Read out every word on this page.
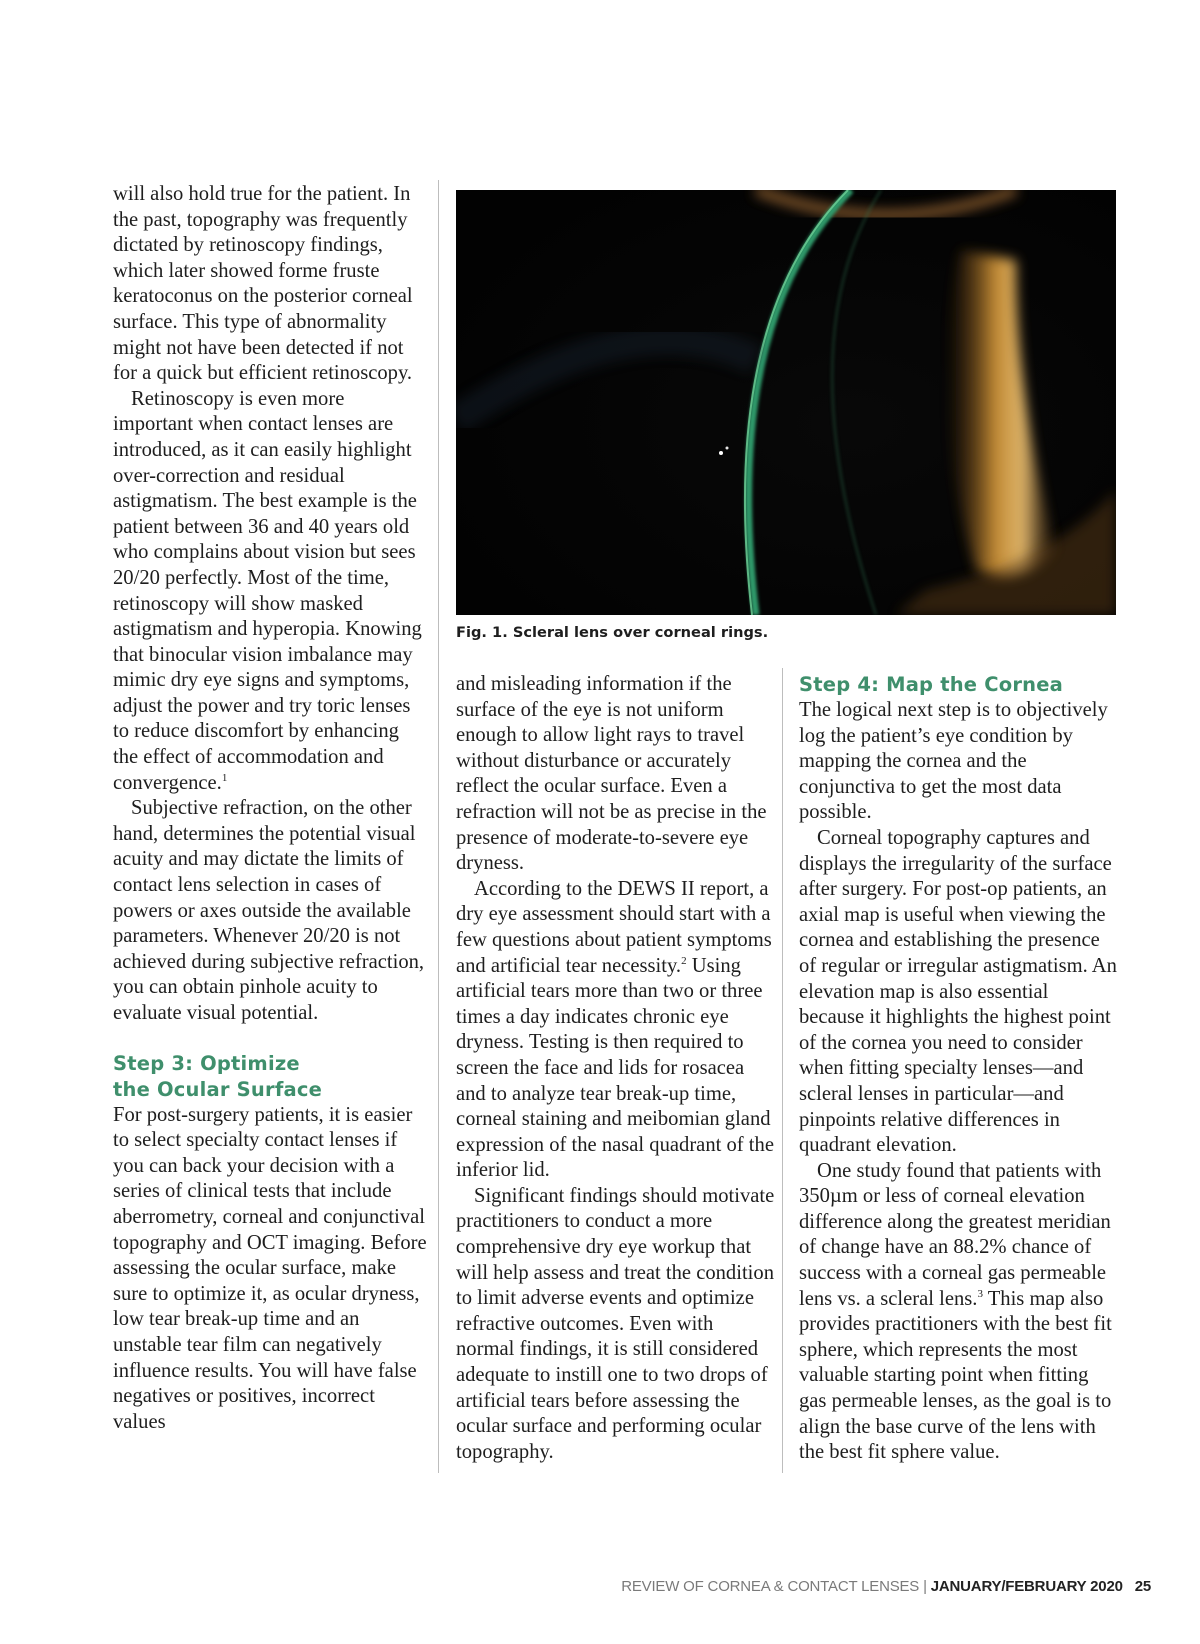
will also hold true for the patient. In the past, topography was frequently dictated by retinoscopy findings, which later showed forme fruste keratoconus on the posterior corneal surface. This type of abnormality might not have been detected if not for a quick but efficient retinoscopy.

Retinoscopy is even more important when contact lenses are introduced, as it can easily highlight over-correction and residual astigmatism. The best example is the patient between 36 and 40 years old who complains about vision but sees 20/20 perfectly. Most of the time, retinoscopy will show masked astigmatism and hyperopia. Knowing that binocular vision imbalance may mimic dry eye signs and symptoms, adjust the power and try toric lenses to reduce discomfort by enhancing the effect of accommodation and convergence.$^1$

Subjective refraction, on the other hand, determines the potential visual acuity and may dictate the limits of contact lens selection in cases of powers or axes outside the available parameters. Whenever 20/20 is not achieved during subjective refraction, you can obtain pinhole acuity to evaluate visual potential.

Step 3: Optimize
the Ocular Surface

For post-surgery patients, it is easier to select specialty contact lenses if you can back your decision with a series of clinical tests that include aberrometry, corneal and conjunctival topography and OCT imaging. Before assessing the ocular surface, make sure to optimize it, as ocular dryness, low tear break-up time and an unstable tear film can negatively influence results. You will have false negatives or positives, incorrect values

Fig. 1. Scleral lens over corneal rings.

and misleading information if the surface of the eye is not uniform enough to allow light rays to travel without disturbance or accurately reflect the ocular surface. Even a refraction will not be as precise in the presence of moderate-to-severe eye dryness.

According to the DEWS II report, a dry eye assessment should start with a few questions about patient symptoms and artificial tear necessity.$^2$ Using artificial tears more than two or three times a day indicates chronic eye dryness. Testing is then required to screen the face and lids for rosacea and to analyze tear break-up time, corneal staining and meibomian gland expression of the nasal quadrant of the inferior lid.

Significant findings should motivate practitioners to conduct a more comprehensive dry eye workup that will help assess and treat the condition to limit adverse events and optimize refractive outcomes. Even with normal findings, it is still considered adequate to instill one to two drops of artificial tears before assessing the ocular surface and performing ocular topography.

Step 4: Map the Cornea

The logical next step is to objectively log the patient’s eye condition by mapping the cornea and the conjunctiva to get the most data possible.

Corneal topography captures and displays the irregularity of the surface after surgery. For post-op patients, an axial map is useful when viewing the cornea and establishing the presence of regular or irregular astigmatism. An elevation map is also essential because it highlights the highest point of the cornea you need to consider when fitting specialty lenses—and scleral lenses in particular—and pinpoints relative differences in quadrant elevation.

One study found that patients with 350µm or less of corneal elevation difference along the greatest meridian of change have an 88.2% chance of success with a corneal gas permeable lens vs. a scleral lens.$^3$ This map also provides practitioners with the best fit sphere, which represents the most valuable starting point when fitting gas permeable lenses, as the goal is to align the base curve of the lens with the best fit sphere value.

REVIEW OF CORNEA & CONTACT LENSES | JANUARY/FEBRUARY 2020 25
